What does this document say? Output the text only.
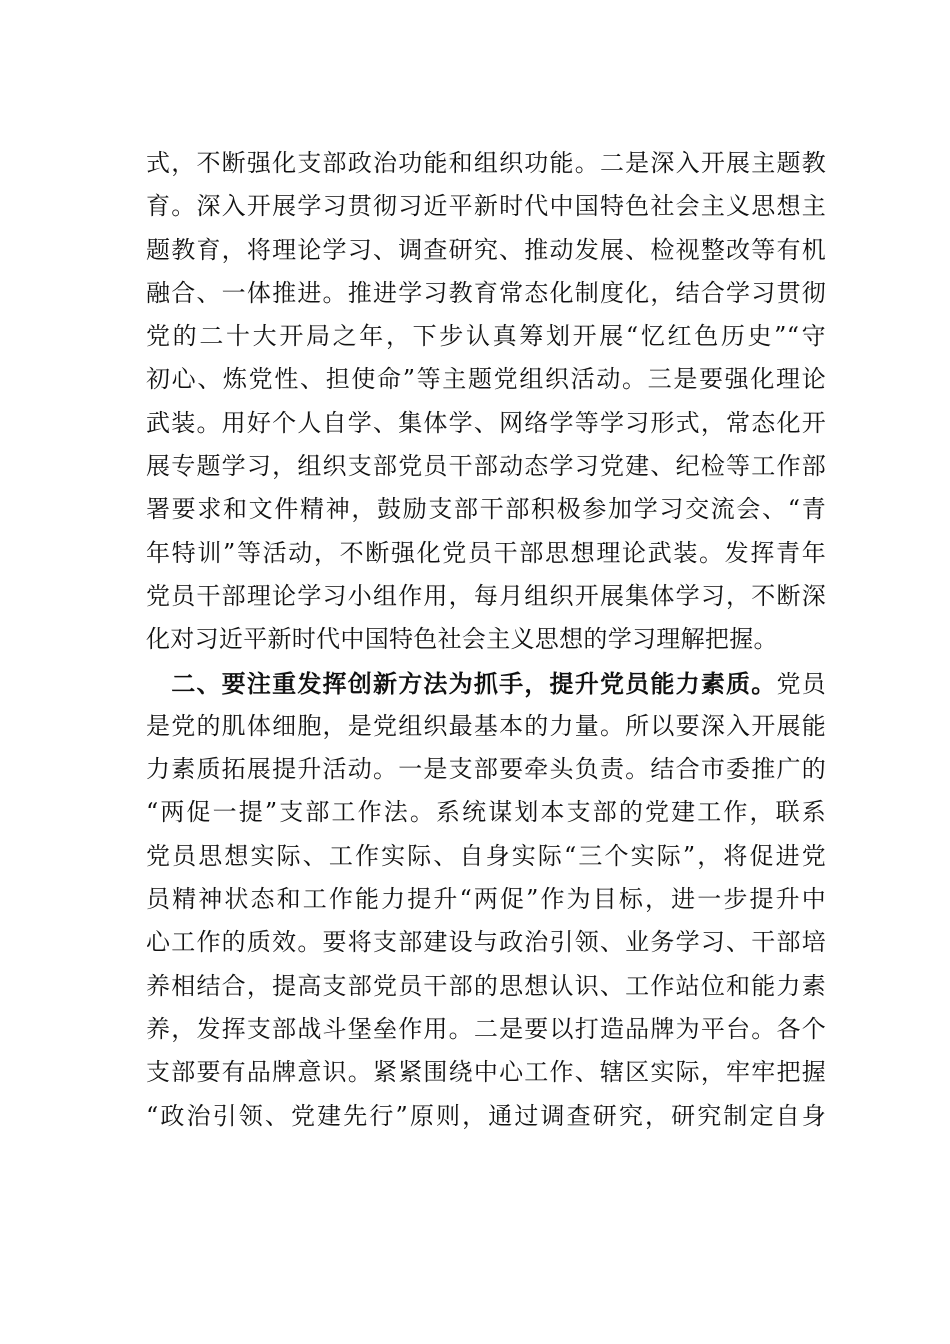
式，不断强化支部政治功能和组织功能。二是深入开展主题教
育。深入开展学习贯彻习近平新时代中国特色社会主义思想主
题教育，将理论学习、调查研究、推动发展、检视整改等有机
融合、一体推进。推进学习教育常态化制度化，结合学习贯彻
党的二十大开局之年，下步认真筹划开展“忆红色历史”“守
初心、炼党性、担使命”等主题党组织活动。三是要强化理论
武装。用好个人自学、集体学、网络学等学习形式，常态化开
展专题学习，组织支部党员干部动态学习党建、纪检等工作部
署要求和文件精神，鼓励支部干部积极参加学习交流会、“青
年特训”等活动，不断强化党员干部思想理论武装。发挥青年
党员干部理论学习小组作用，每月组织开展集体学习，不断深
化对习近平新时代中国特色社会主义思想的学习理解把握。
　二、要注重发挥创新方法为抓手，提升党员能力素质。党员
是党的肌体细胞，是党组织最基本的力量。所以要深入开展能
力素质拓展提升活动。一是支部要牵头负责。结合市委推广的
“两促一提”支部工作法。系统谋划本支部的党建工作，联系
党员思想实际、工作实际、自身实际“三个实际”，将促进党
员精神状态和工作能力提升“两促”作为目标，进一步提升中
心工作的质效。要将支部建设与政治引领、业务学习、干部培
养相结合，提高支部党员干部的思想认识、工作站位和能力素
养，发挥支部战斗堡垒作用。二是要以打造品牌为平台。各个
支部要有品牌意识。紧紧围绕中心工作、辖区实际，牢牢把握
“政治引领、党建先行”原则，通过调查研究，研究制定自身
